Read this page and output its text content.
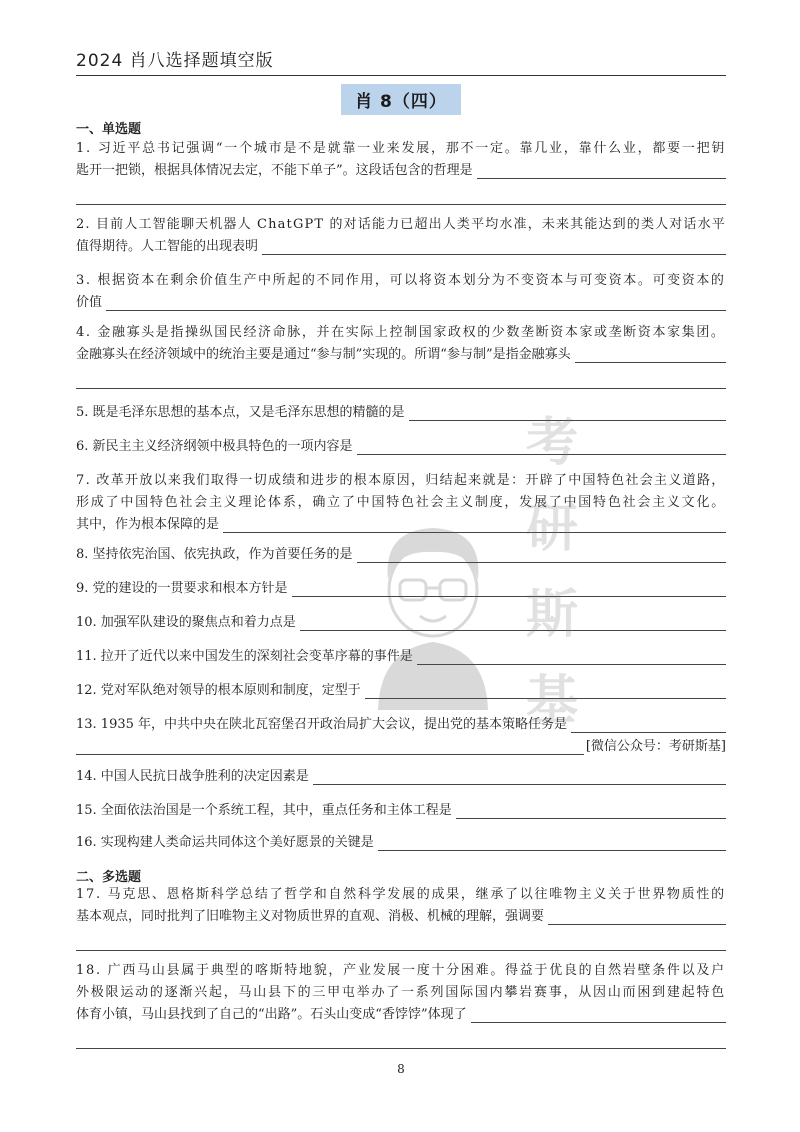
2024 肖八选择题填空版
肖 8（四）
一、单选题
1. 习近平总书记强调“一个城市是不是就靠一业来发展，那不一定。靠几业，靠什么业，都要一把钥
匙开一把锁，根据具体情况去定，不能下单子”。这段话包含的哲理是
2. 目前人工智能聊天机器人 ChatGPT 的对话能力已超出人类平均水准，未来其能达到的类人对话水平
值得期待。人工智能的出现表明
3. 根据资本在剩余价值生产中所起的不同作用，可以将资本划分为不变资本与可变资本。可变资本的
价值
4. 金融寡头是指操纵国民经济命脉，并在实际上控制国家政权的少数垄断资本家或垄断资本家集团。
金融寡头在经济领域中的统治主要是通过“参与制”实现的。所谓“参与制”是指金融寡头
5. 既是毛泽东思想的基本点，又是毛泽东思想的精髓的是
6. 新民主主义经济纲领中极具特色的一项内容是
7. 改革开放以来我们取得一切成绩和进步的根本原因，归结起来就是：开辟了中国特色社会主义道路，
形成了中国特色社会主义理论体系，确立了中国特色社会主义制度，发展了中国特色社会主义文化。
其中，作为根本保障的是
8. 坚持依宪治国、依宪执政，作为首要任务的是
9. 党的建设的一贯要求和根本方针是
10. 加强军队建设的聚焦点和着力点是
11. 拉开了近代以来中国发生的深刻社会变革序幕的事件是
12. 党对军队绝对领导的根本原则和制度，定型于
13. 1935 年，中共中央在陕北瓦窑堡召开政治局扩大会议，提出党的基本策略任务是
[微信公众号：考研斯基]
14. 中国人民抗日战争胜利的决定因素是
15. 全面依法治国是一个系统工程，其中，重点任务和主体工程是
16. 实现构建人类命运共同体这个美好愿景的关键是
二、多选题
17. 马克思、恩格斯科学总结了哲学和自然科学发展的成果，继承了以往唯物主义关于世界物质性的
基本观点，同时批判了旧唯物主义对物质世界的直观、消极、机械的理解，强调要
18. 广西马山县属于典型的喀斯特地貌，产业发展一度十分困难。得益于优良的自然岩壁条件以及户
外极限运动的逐渐兴起，马山县下的三甲屯举办了一系列国际国内攀岩赛事，从因山而困到建起特色
体育小镇，马山县找到了自己的“出路”。石头山变成“香饽饽”体现了
考
研
斯
基
8
